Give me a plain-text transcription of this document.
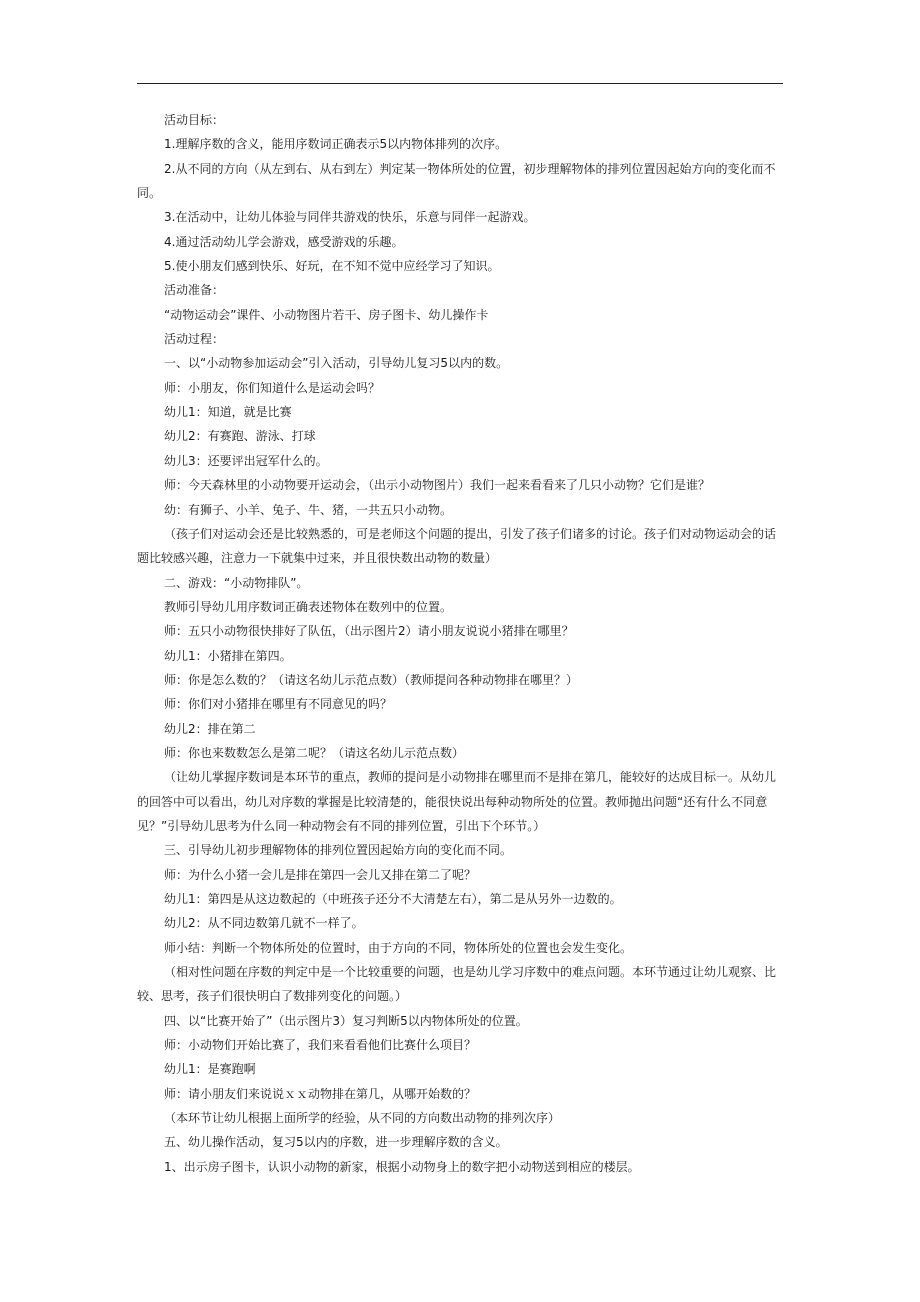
活动目标：

1.理解序数的含义，能用序数词正确表示5以内物体排列的次序。

2.从不同的方向（从左到右、从右到左）判定某一物体所处的位置，初步理解物体的排列位置因起始方向的变化而不同。

3.在活动中，让幼儿体验与同伴共游戏的快乐，乐意与同伴一起游戏。

4.通过活动幼儿学会游戏，感受游戏的乐趣。

5.使小朋友们感到快乐、好玩，在不知不觉中应经学习了知识。

活动准备：

“动物运动会”课件、小动物图片若干、房子图卡、幼儿操作卡

活动过程：

一、以“小动物参加运动会”引入活动，引导幼儿复习5以内的数。

师：小朋友，你们知道什么是运动会吗？

幼儿1：知道，就是比赛

幼儿2：有赛跑、游泳、打球

幼儿3：还要评出冠军什么的。

师：今天森林里的小动物要开运动会，（出示小动物图片）我们一起来看看来了几只小动物？它们是谁？

幼：有狮子、小羊、兔子、牛、猪，一共五只小动物。

（孩子们对运动会还是比较熟悉的，可是老师这个问题的提出，引发了孩子们诸多的讨论。孩子们对动物运动会的话题比较感兴趣，注意力一下就集中过来，并且很快数出动物的数量）

二、游戏：“小动物排队”。

教师引导幼儿用序数词正确表述物体在数列中的位置。

师：五只小动物很快排好了队伍，（出示图片2）请小朋友说说小猪排在哪里？

幼儿1：小猪排在第四。

师：你是怎么数的？（请这名幼儿示范点数）（教师提问各种动物排在哪里？）

师：你们对小猪排在哪里有不同意见的吗？

幼儿2：排在第二

师：你也来数数怎么是第二呢？（请这名幼儿示范点数）

（让幼儿掌握序数词是本环节的重点，教师的提问是小动物排在哪里而不是排在第几，能较好的达成目标一。从幼儿的回答中可以看出，幼儿对序数的掌握是比较清楚的，能很快说出每种动物所处的位置。教师抛出问题“还有什么不同意见？”引导幼儿思考为什么同一种动物会有不同的排列位置，引出下个环节。）

三、引导幼儿初步理解物体的排列位置因起始方向的变化而不同。

师：为什么小猪一会儿是排在第四一会儿又排在第二了呢？

幼儿1：第四是从这边数起的（中班孩子还分不大清楚左右），第二是从另外一边数的。

幼儿2：从不同边数第几就不一样了。

师小结：判断一个物体所处的位置时，由于方向的不同，物体所处的位置也会发生变化。

（相对性问题在序数的判定中是一个比较重要的问题，也是幼儿学习序数中的难点问题。本环节通过让幼儿观察、比较、思考，孩子们很快明白了数排列变化的问题。）

四、以“比赛开始了”（出示图片3）复习判断5以内物体所处的位置。

师：小动物们开始比赛了，我们来看看他们比赛什么项目？

幼儿1：是赛跑啊

师：请小朋友们来说说ｘｘ动物排在第几，从哪开始数的？

（本环节让幼儿根据上面所学的经验，从不同的方向数出动物的排列次序）

五、幼儿操作活动，复习5以内的序数，进一步理解序数的含义。

1、出示房子图卡，认识小动物的新家，根据小动物身上的数字把小动物送到相应的楼层。
